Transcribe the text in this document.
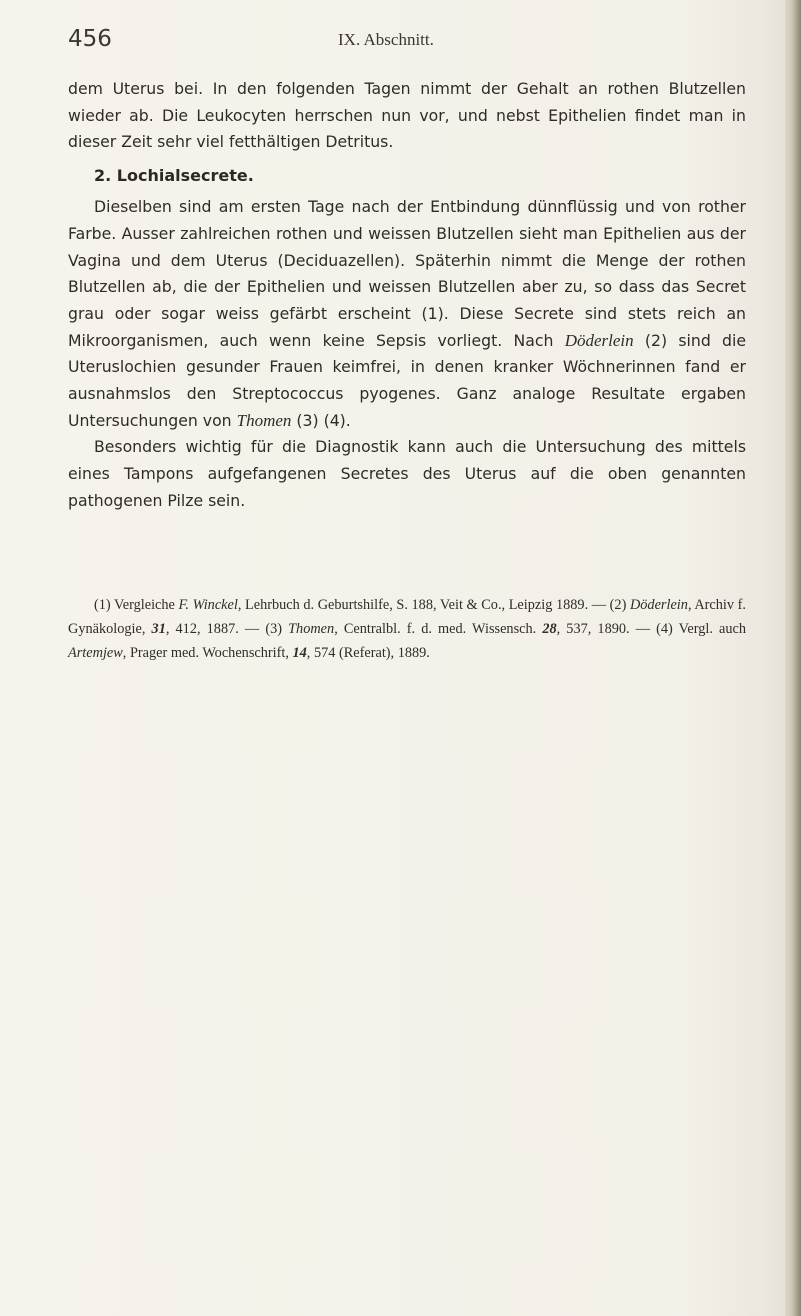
456	IX. Abschnitt.

dem Uterus bei. In den folgenden Tagen nimmt der Gehalt an rothen Blutzellen wieder ab. Die Leukocyten herrschen nun vor, und nebst Epithelien findet man in dieser Zeit sehr viel fetthältigen Detritus.

2. Lochialsecrete.

Dieselben sind am ersten Tage nach der Entbindung dünnflüssig und von rother Farbe. Ausser zahlreichen rothen und weissen Blutzellen sieht man Epithelien aus der Vagina und dem Uterus (Deciduazellen). Späterhin nimmt die Menge der rothen Blutzellen ab, die der Epithelien und weissen Blutzellen aber zu, so dass das Secret grau oder sogar weiss gefärbt erscheint (1). Diese Secrete sind stets reich an Mikroorganismen, auch wenn keine Sepsis vorliegt. Nach Döderlein (2) sind die Uteruslochien gesunder Frauen keimfrei, in denen kranker Wöchnerinnen fand er ausnahmslos den Streptococcus pyogenes. Ganz analoge Resultate ergaben Untersuchungen von Thomen (3) (4).

Besonders wichtig für die Diagnostik kann auch die Untersuchung des mittels eines Tampons aufgefangenen Secretes des Uterus auf die oben genannten pathogenen Pilze sein.

(1) Vergleiche F. Winckel, Lehrbuch d. Geburtshilfe, S. 188, Veit & Co., Leipzig 1889. — (2) Döderlein, Archiv f. Gynäkologie, 31, 412, 1887. — (3) Thomen, Centralbl. f. d. med. Wissensch. 28, 537, 1890. — (4) Vergl. auch Artemjew, Prager med. Wochenschrift, 14, 574 (Referat), 1889.
